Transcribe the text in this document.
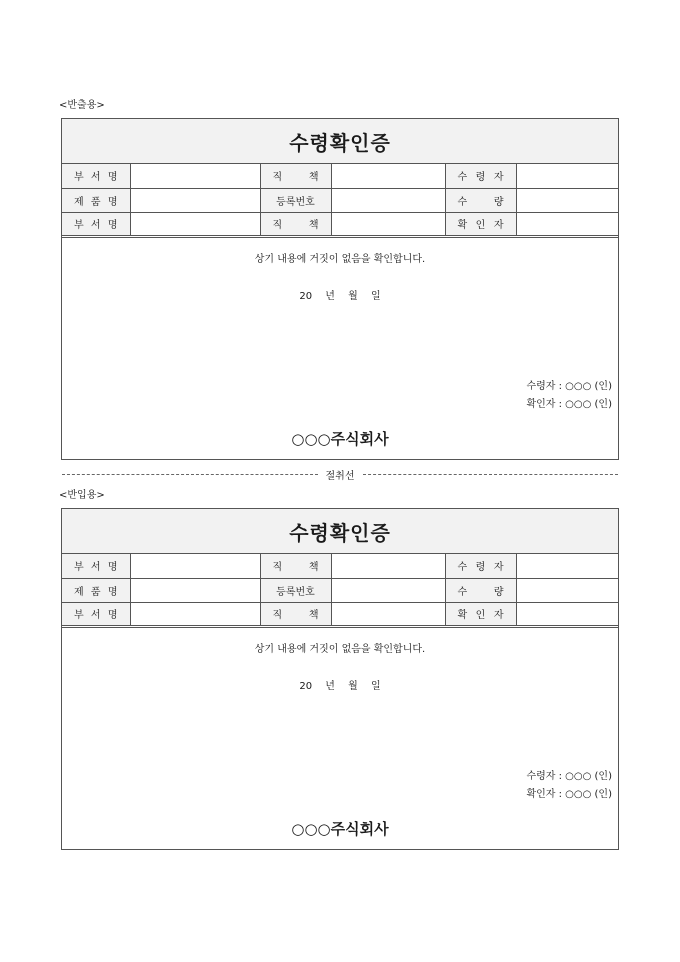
<반출용>
수령확인증
부 서 명		직 책		수 령 자	

제 품 명		등록번호		수 량	

부 서 명		직 책		확 인 자	

상기 내용에 거짓이 없음을 확인합니다.
20 년 월 일
수령자 : ○○○ (인)
확인자 : ○○○ (인)
○○○주식회사
절취선
<반입용>
수령확인증
부 서 명		직 책		수 령 자	

제 품 명		등록번호		수 량	

부 서 명		직 책		확 인 자	

상기 내용에 거짓이 없음을 확인합니다.
20 년 월 일
수령자 : ○○○ (인)
확인자 : ○○○ (인)
○○○주식회사
